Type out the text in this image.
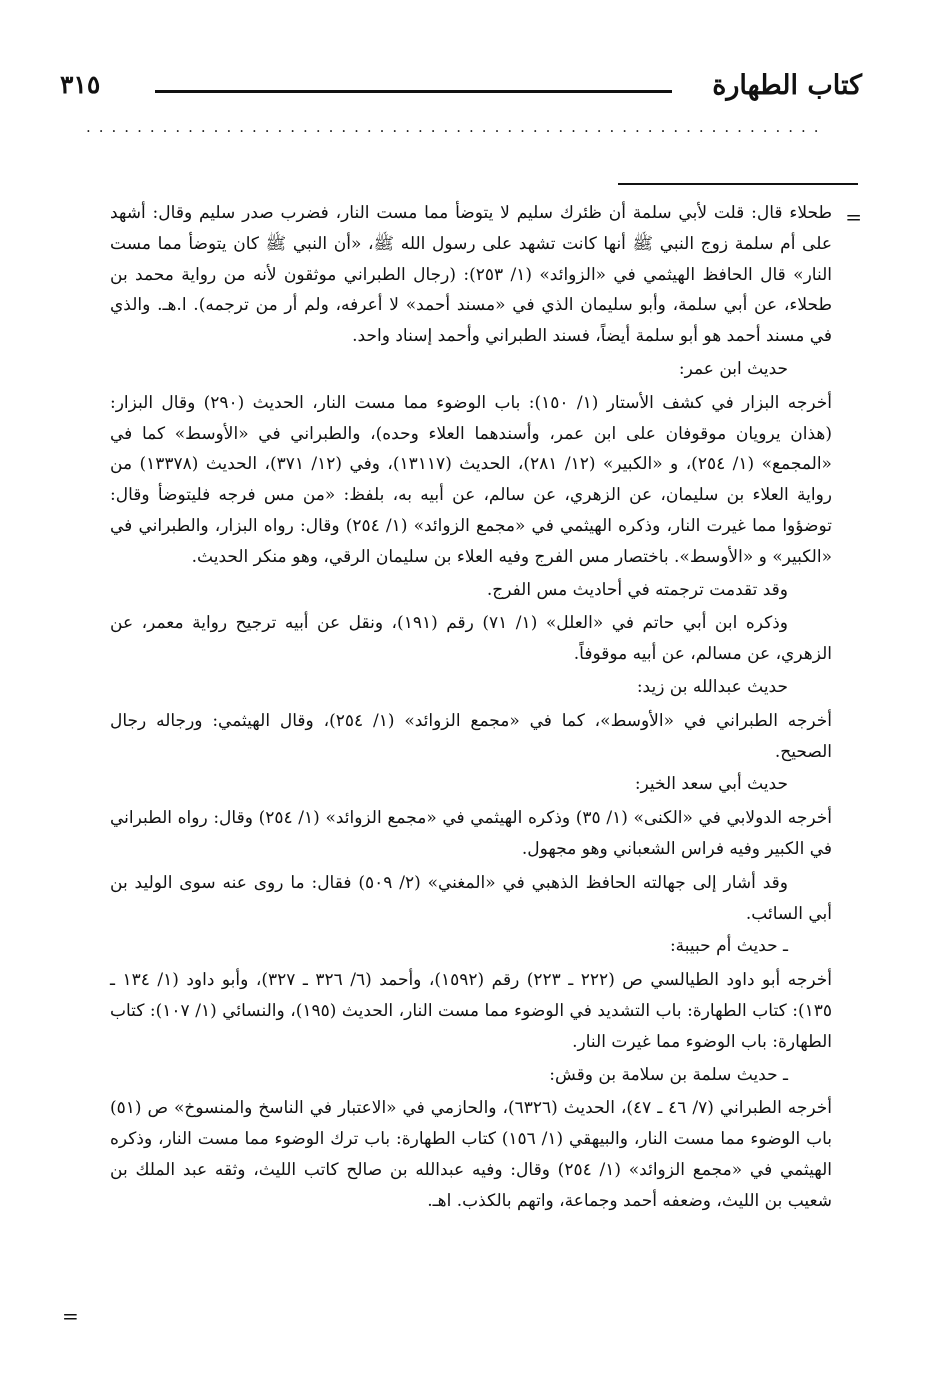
كتاب الطهارة
٣١٥
..........................................................
=

طحلاء قال: قلت لأبي سلمة أن ظئرك سليم لا يتوضأ مما مست النار، فضرب صدر سليم وقال: أشهد على أم سلمة زوج النبي ﷺ أنها كانت تشهد على رسول الله ﷺ، «أن النبي ﷺ كان يتوضأ مما مست النار» قال الحافظ الهيثمي في «الزوائد» (١/ ٢٥٣): (رجال الطبراني موثقون لأنه من رواية محمد بن طحلاء، عن أبي سلمة، وأبو سليمان الذي في «مسند أحمد» لا أعرفه، ولم أر من ترجمه). ا.هـ. والذي في مسند أحمد هو أبو سلمة أيضاً، فسند الطبراني وأحمد إسناد واحد.

حديث ابن عمر:

أخرجه البزار في كشف الأستار (١/ ١٥٠): باب الوضوء مما مست النار، الحديث (٢٩٠) وقال البزار: (هذان يرويان موقوفان على ابن عمر، وأسندهما العلاء وحده)، والطبراني في «الأوسط» كما في «المجمع» (١/ ٢٥٤)، و «الكبير» (١٢/ ٢٨١)، الحديث (١٣١١٧)، وفي (١٢/ ٣٧١)، الحديث (١٣٣٧٨) من رواية العلاء بن سليمان، عن الزهري، عن سالم، عن أبيه به، بلفظ: «من مس فرجه فليتوضأ وقال: توضؤوا مما غيرت النار، وذكره الهيثمي في «مجمع الزوائد» (١/ ٢٥٤) وقال: رواه البزار، والطبراني في «الكبير» و «الأوسط». باختصار مس الفرج وفيه العلاء بن سليمان الرقي، وهو منكر الحديث.

وقد تقدمت ترجمته في أحاديث مس الفرج.

وذكره ابن أبي حاتم في «العلل» (١/ ٧١) رقم (١٩١)، ونقل عن أبيه ترجيح رواية معمر، عن الزهري، عن مسالم، عن أبيه موقوفاً.

حديث عبدالله بن زيد:

أخرجه الطبراني في «الأوسط»، كما في «مجمع الزوائد» (١/ ٢٥٤)، وقال الهيثمي: ورجاله رجال الصحيح.

حديث أبي سعد الخير:

أخرجه الدولابي في «الكنى» (١/ ٣٥) وذكره الهيثمي في «مجمع الزوائد» (١/ ٢٥٤) وقال: رواه الطبراني في الكبير وفيه فراس الشعباني وهو مجهول.

وقد أشار إلى جهالته الحافظ الذهبي في «المغني» (٢/ ٥٠٩) فقال: ما روى عنه سوى الوليد بن أبي السائب.

ـ حديث أم حبيبة:

أخرجه أبو داود الطيالسي ص (٢٢٢ ـ ٢٢٣) رقم (١٥٩٢)، وأحمد (٦/ ٣٢٦ ـ ٣٢٧)، وأبو داود (١/ ١٣٤ ـ ١٣٥): كتاب الطهارة: باب التشديد في الوضوء مما مست النار، الحديث (١٩٥)، والنسائي (١/ ١٠٧): كتاب الطهارة: باب الوضوء مما غيرت النار.

ـ حديث سلمة بن سلامة بن وقش:

أخرجه الطبراني (٧/ ٤٦ ـ ٤٧)، الحديث (٦٣٢٦)، والحازمي في «الاعتبار في الناسخ والمنسوخ» ص (٥١) باب الوضوء مما مست النار، والبيهقي (١/ ١٥٦) كتاب الطهارة: باب ترك الوضوء مما مست النار، وذكره الهيثمي في «مجمع الزوائد» (١/ ٢٥٤) وقال: وفيه عبدالله بن صالح كاتب الليث، وثقه عبد الملك بن شعيب بن الليث، وضعفه أحمد وجماعة، واتهم بالكذب. اهـ.

=
